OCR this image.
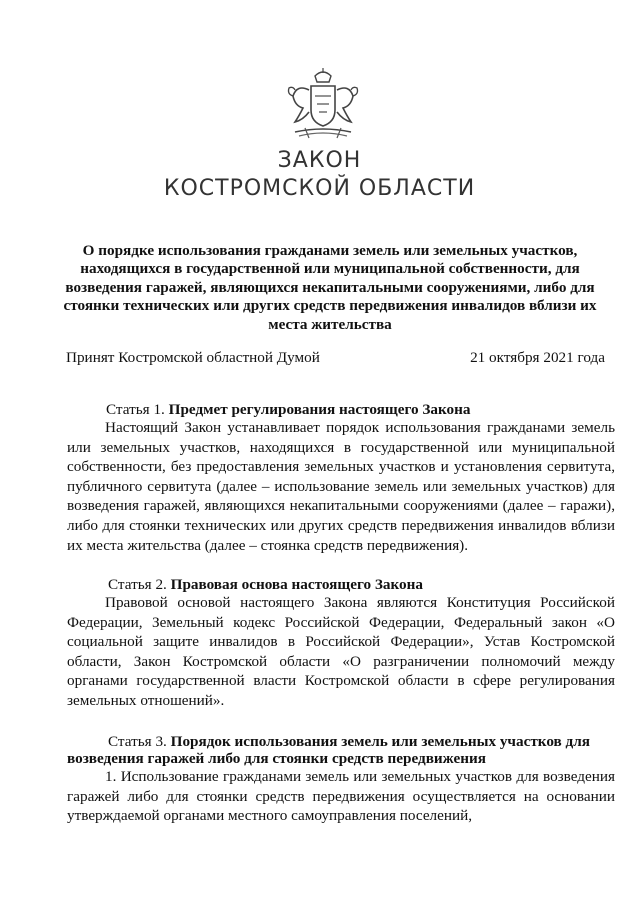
ЗАКОН
КОСТРОМСКОЙ ОБЛАСТИ
О порядке использования гражданами земель или земельных участков, находящихся в государственной или муниципальной собственности, для возведения гаражей, являющихся некапитальными сооружениями, либо для стоянки технических или других средств передвижения инвалидов вблизи их места жительства
Принят Костромской областной Думой	21 октября 2021 года
Статья 1. Предмет регулирования настоящего Закона
Настоящий Закон устанавливает порядок использования гражданами земель или земельных участков, находящихся в государственной или муниципальной собственности, без предоставления земельных участков и установления сервитута, публичного сервитута (далее – использование земель или земельных участков) для возведения гаражей, являющихся некапитальными сооружениями (далее – гаражи), либо для стоянки технических или других средств передвижения инвалидов вблизи их места жительства (далее – стоянка средств передвижения).
Статья 2. Правовая основа настоящего Закона
Правовой основой настоящего Закона являются Конституция Российской Федерации, Земельный кодекс Российской Федерации, Федеральный закон «О социальной защите инвалидов в Российской Федерации», Устав Костромской области, Закон Костромской области «О разграничении полномочий между органами государственной власти Костромской области в сфере регулирования земельных отношений».
Статья 3. Порядок использования земель или земельных участков для
возведения гаражей либо для стоянки средств передвижения
1. Использование гражданами земель или земельных участков для возведения гаражей либо для стоянки средств передвижения осуществляется на основании утверждаемой органами местного самоуправления поселений,
